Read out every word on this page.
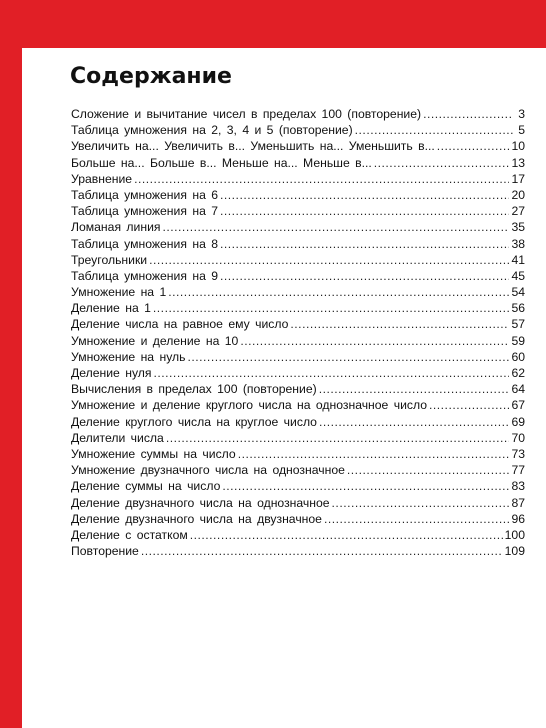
Содержание
Сложение и вычитание чисел в пределах 100 (повторение) .....	3
Таблица умножения на 2, 3, 4 и 5 (повторение) .....	5
Увеличить на... Увеличить в... Уменьшить на... Уменьшить в... .....	10
Больше на... Больше в... Меньше на... Меньше в... .....	13
Уравнение .....	17
Таблица умножения на 6 .....	20
Таблица умножения на 7 .....	27
Ломаная линия .....	35
Таблица умножения на 8 .....	38
Треугольники .....	41
Таблица умножения на 9 .....	45
Умножение на 1 .....	54
Деление на 1 .....	56
Деление числа на равное ему число .....	57
Умножение и деление на 10 .....	59
Умножение на нуль .....	60
Деление нуля .....	62
Вычисления в пределах 100 (повторение) .....	64
Умножение и деление круглого числа на однозначное число .....	67
Деление круглого числа на круглое число .....	69
Делители числа .....	70
Умножение суммы на число .....	73
Умножение двузначного числа на однозначное .....	77
Деление суммы на число .....	83
Деление двузначного числа на однозначное .....	87
Деление двузначного числа на двузначное .....	96
Деление с остатком .....	100
Повторение .....	109
